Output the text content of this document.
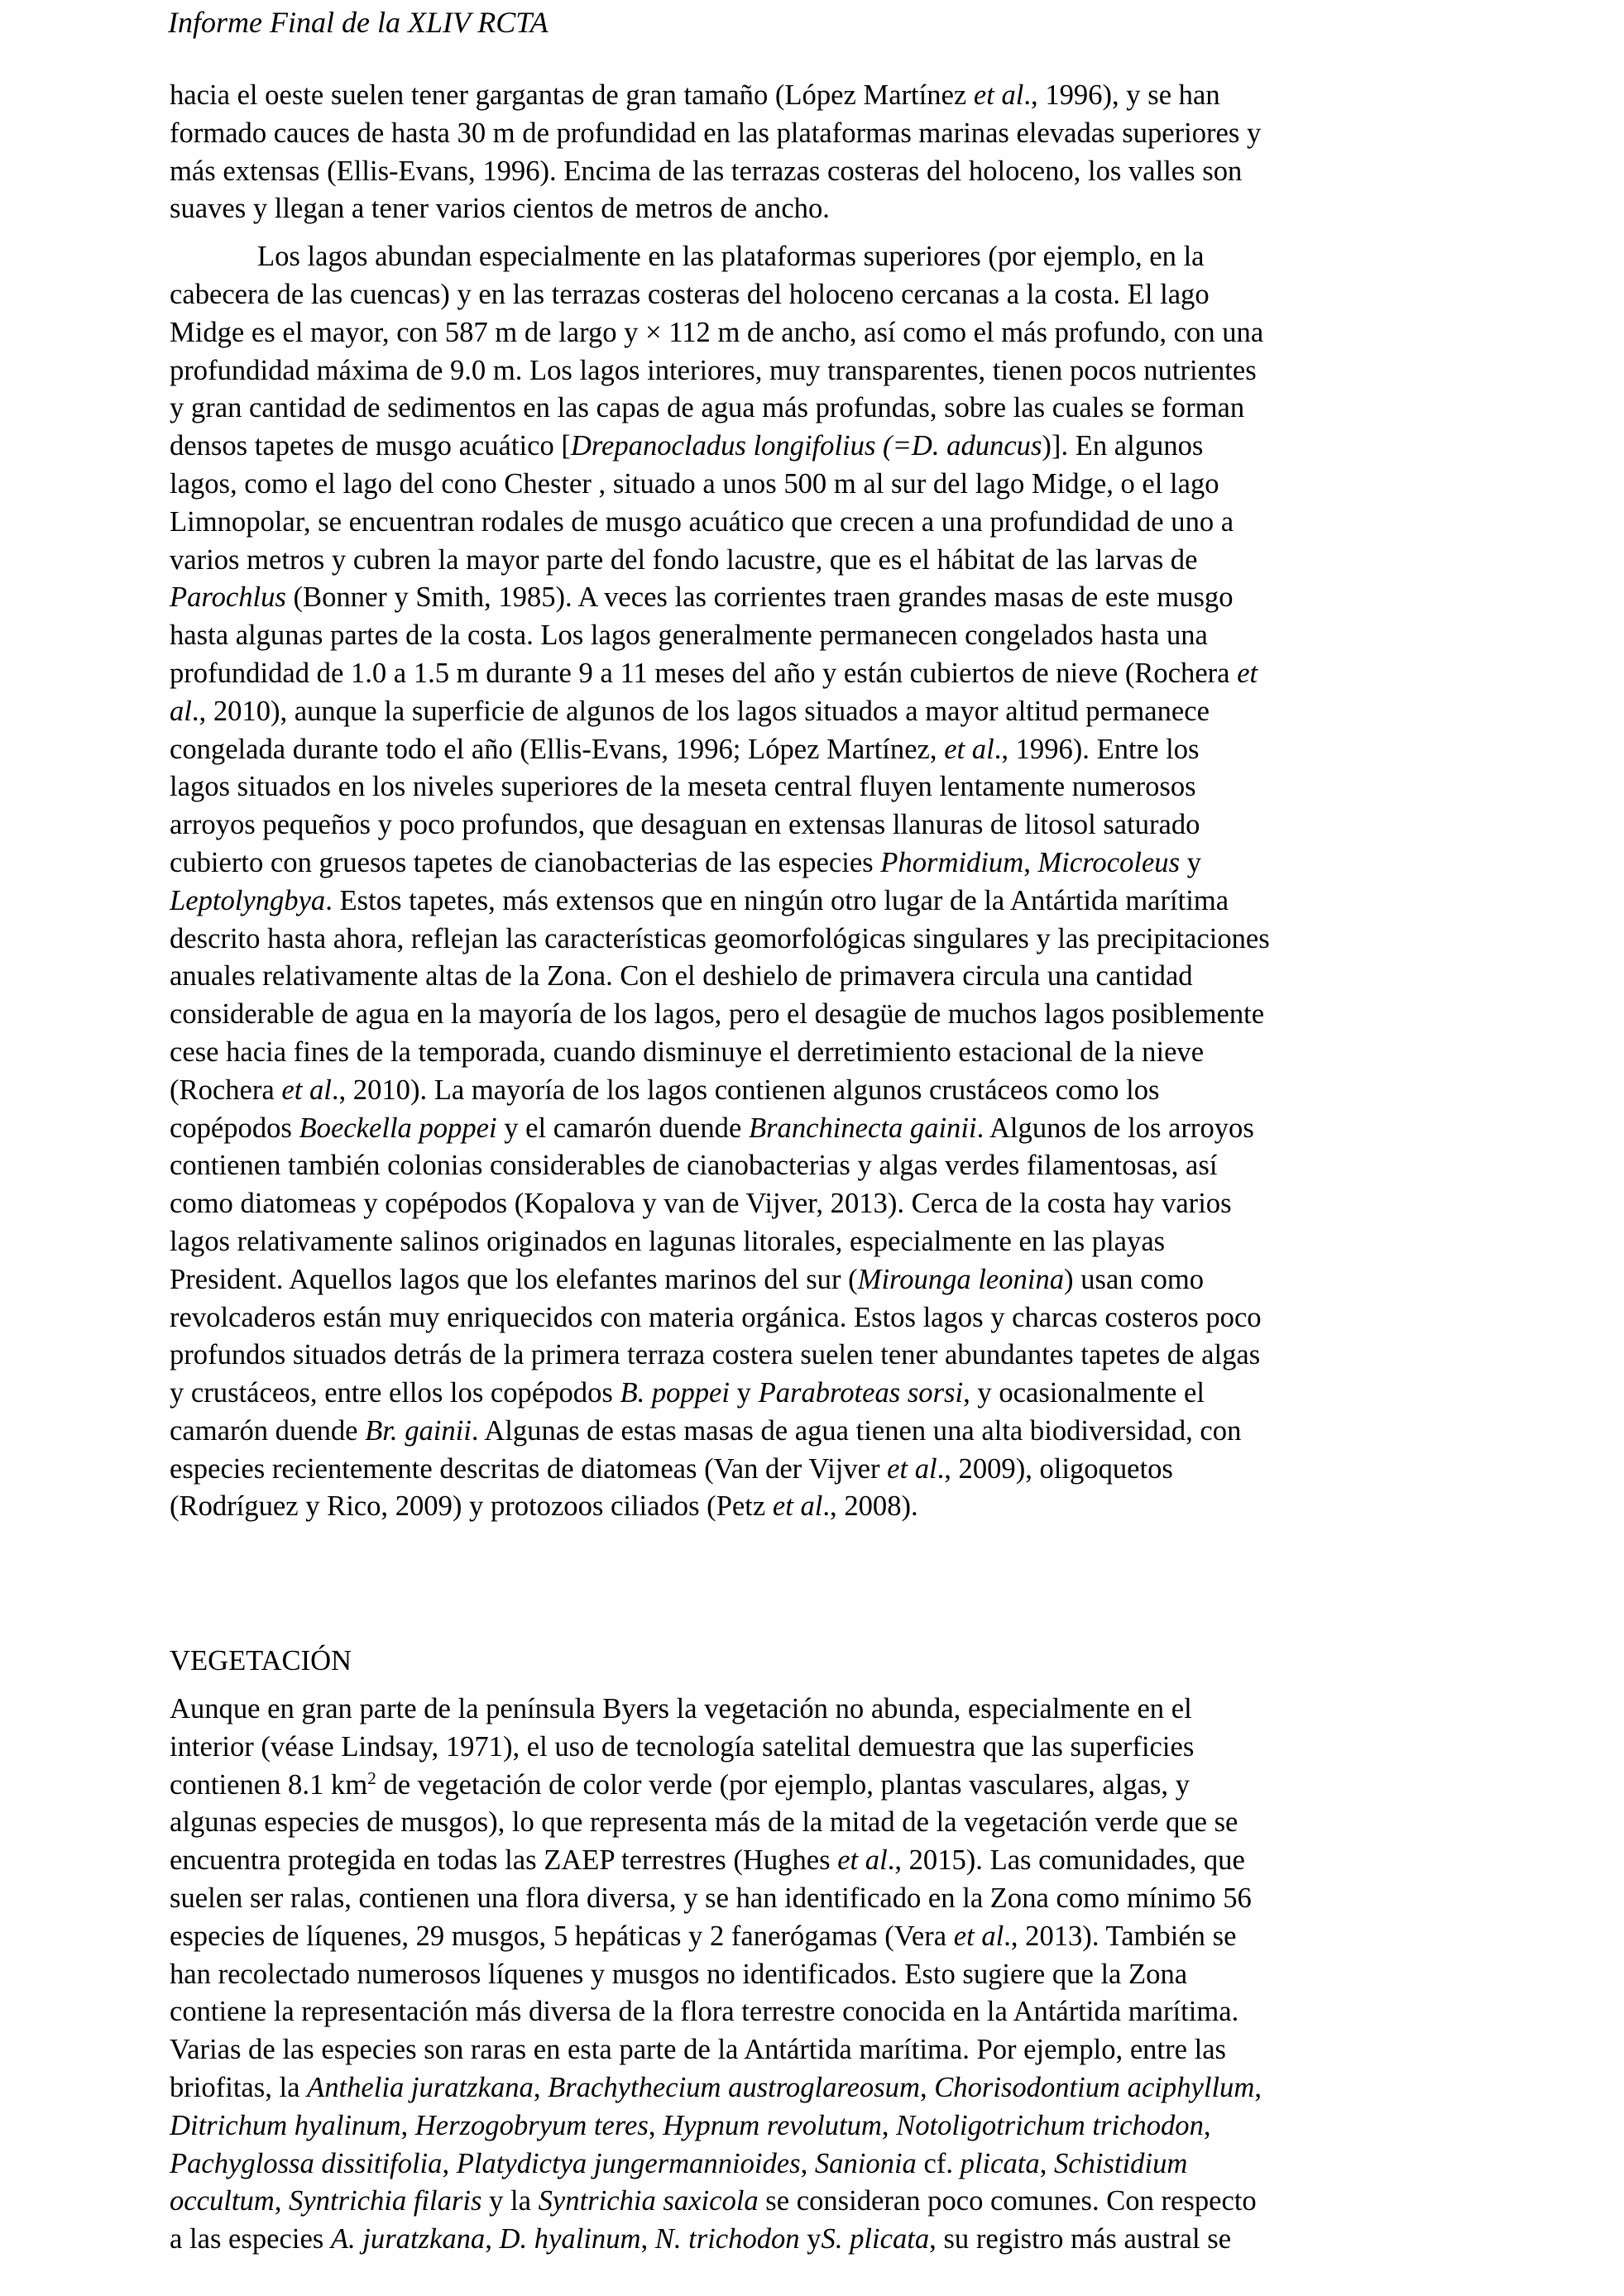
Informe Final de la XLIV RCTA
hacia el oeste suelen tener gargantas de gran tamaño (López Martínez et al., 1996), y se han
formado cauces de hasta 30 m de profundidad en las plataformas marinas elevadas superiores y
más extensas (Ellis-Evans, 1996). Encima de las terrazas costeras del holoceno, los valles son
suaves y llegan a tener varios cientos de metros de ancho.
Los lagos abundan especialmente en las plataformas superiores (por ejemplo, en la
cabecera de las cuencas) y en las terrazas costeras del holoceno cercanas a la costa. El lago
Midge es el mayor, con 587 m de largo y × 112 m de ancho, así como el más profundo, con una
profundidad máxima de 9.0 m. Los lagos interiores, muy transparentes, tienen pocos nutrientes
y gran cantidad de sedimentos en las capas de agua más profundas, sobre las cuales se forman
densos tapetes de musgo acuático [Drepanocladus longifolius (=D. aduncus)]. En algunos
lagos, como el lago del cono Chester , situado a unos 500 m al sur del lago Midge, o el lago
Limnopolar, se encuentran rodales de musgo acuático que crecen a una profundidad de uno a
varios metros y cubren la mayor parte del fondo lacustre, que es el hábitat de las larvas de
Parochlus (Bonner y Smith, 1985). A veces las corrientes traen grandes masas de este musgo
hasta algunas partes de la costa. Los lagos generalmente permanecen congelados hasta una
profundidad de 1.0 a 1.5 m durante 9 a 11 meses del año y están cubiertos de nieve (Rochera et
al., 2010), aunque la superficie de algunos de los lagos situados a mayor altitud permanece
congelada durante todo el año (Ellis-Evans, 1996; López Martínez, et al., 1996). Entre los
lagos situados en los niveles superiores de la meseta central fluyen lentamente numerosos
arroyos pequeños y poco profundos, que desaguan en extensas llanuras de litosol saturado
cubierto con gruesos tapetes de cianobacterias de las especies Phormidium, Microcoleus y
Leptolyngbya. Estos tapetes, más extensos que en ningún otro lugar de la Antártida marítima
descrito hasta ahora, reflejan las características geomorfológicas singulares y las precipitaciones
anuales relativamente altas de la Zona. Con el deshielo de primavera circula una cantidad
considerable de agua en la mayoría de los lagos, pero el desagüe de muchos lagos posiblemente
cese hacia fines de la temporada, cuando disminuye el derretimiento estacional de la nieve
(Rochera et al., 2010). La mayoría de los lagos contienen algunos crustáceos como los
copépodos Boeckella poppei y el camarón duende Branchinecta gainii. Algunos de los arroyos
contienen también colonias considerables de cianobacterias y algas verdes filamentosas, así
como diatomeas y copépodos (Kopalova y van de Vijver, 2013). Cerca de la costa hay varios
lagos relativamente salinos originados en lagunas litorales, especialmente en las playas
President. Aquellos lagos que los elefantes marinos del sur (Mirounga leonina) usan como
revolcaderos están muy enriquecidos con materia orgánica. Estos lagos y charcas costeros poco
profundos situados detrás de la primera terraza costera suelen tener abundantes tapetes de algas
y crustáceos, entre ellos los copépodos B. poppei y Parabroteas sorsi, y ocasionalmente el
camarón duende Br. gainii. Algunas de estas masas de agua tienen una alta biodiversidad, con
especies recientemente descritas de diatomeas (Van der Vijver et al., 2009), oligoquetos
(Rodríguez y Rico, 2009) y protozoos ciliados (Petz et al., 2008).
VEGETACIÓN
Aunque en gran parte de la península Byers la vegetación no abunda, especialmente en el
interior (véase Lindsay, 1971), el uso de tecnología satelital demuestra que las superficies
contienen 8.1 $km^2$ de vegetación de color verde (por ejemplo, plantas vasculares, algas, y
algunas especies de musgos), lo que representa más de la mitad de la vegetación verde que se
encuentra protegida en todas las ZAEP terrestres (Hughes et al., 2015). Las comunidades, que
suelen ser ralas, contienen una flora diversa, y se han identificado en la Zona como mínimo 56
especies de líquenes, 29 musgos, 5 hepáticas y 2 fanerógamas (Vera et al., 2013). También se
han recolectado numerosos líquenes y musgos no identificados. Esto sugiere que la Zona
contiene la representación más diversa de la flora terrestre conocida en la Antártida marítima.
Varias de las especies son raras en esta parte de la Antártida marítima. Por ejemplo, entre las
briofitas, la Anthelia juratzkana, Brachythecium austroglareosum, Chorisodontium aciphyllum,
Ditrichum hyalinum, Herzogobryum teres, Hypnum revolutum, Notoligotrichum trichodon,
Pachyglossa dissitifolia, Platydictya jungermannioides, Sanionia cf. plicata, Schistidium
occultum, Syntrichia filaris y la Syntrichia saxicola se consideran poco comunes. Con respecto
a las especies A. juratzkana, D. hyalinum, N. trichodon yS. plicata, su registro más austral se
